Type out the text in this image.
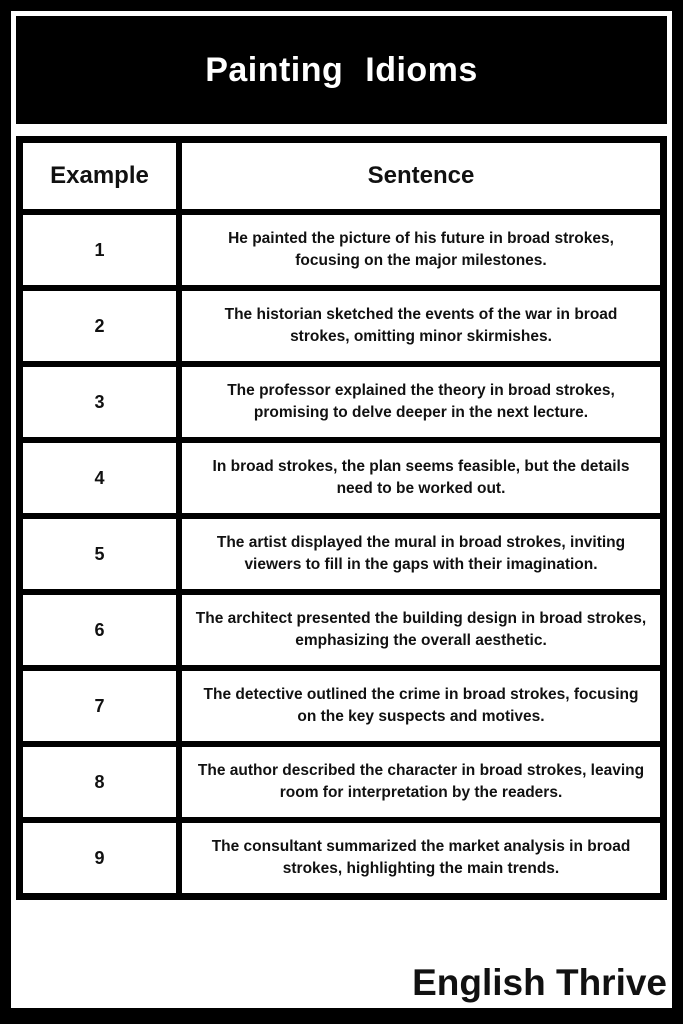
Painting Idioms
Example	Sentence
1
He painted the picture of his future in broad strokes, focusing on the major milestones.
2
The historian sketched the events of the war in broad strokes, omitting minor skirmishes.
3
The professor explained the theory in broad strokes, promising to delve deeper in the next lecture.
4
In broad strokes, the plan seems feasible, but the details need to be worked out.
5
The artist displayed the mural in broad strokes, inviting viewers to fill in the gaps with their imagination.
6
The architect presented the building design in broad strokes, emphasizing the overall aesthetic.
7
The detective outlined the crime in broad strokes, focusing on the key suspects and motives.
8
The author described the character in broad strokes, leaving room for interpretation by the readers.
9
The consultant summarized the market analysis in broad strokes, highlighting the main trends.
English Thrive
